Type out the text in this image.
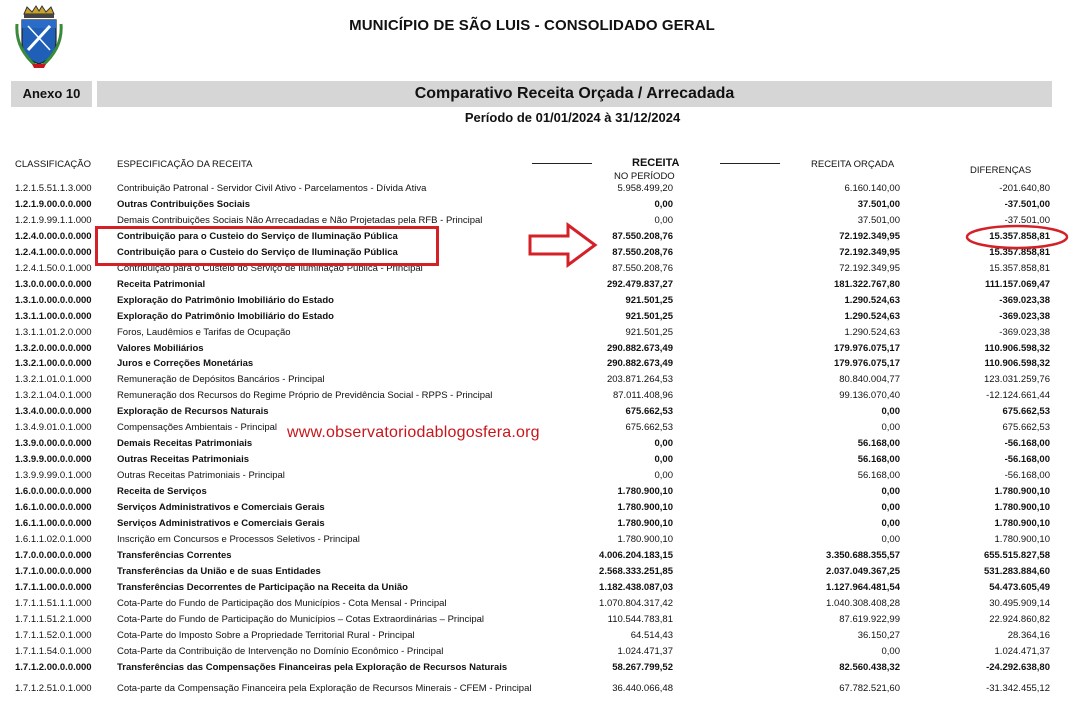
MUNICÍPIO DE SÃO LUIS - CONSOLIDADO GERAL
Anexo 10	Comparativo Receita Orçada / Arrecadada
Período de 01/01/2024 à 31/12/2024
CLASSIFICAÇÃO	ESPECIFICAÇÃO DA RECEITA	RECEITA
NO PERÍODO
RECEITA ORÇADA
DIFERENÇAS
1.2.1.5.51.1.3.000	Contribuição Patronal - Servidor Civil Ativo - Parcelamentos - Dívida Ativa	5.958.499,20	6.160.140,00	-201.640,80
1.2.1.9.00.0.0.000	Outras Contribuições Sociais	0,00	37.501,00	-37.501,00
1.2.1.9.99.1.1.000	Demais Contribuições Sociais Não Arrecadadas e Não Projetadas pela RFB - Principal	0,00	37.501,00	-37.501,00
1.2.4.0.00.0.0.000	Contribuição para o Custeio do Serviço de Iluminação Pública	87.550.208,76	72.192.349,95	15.357.858,81
1.2.4.1.00.0.0.000	Contribuição para o Custeio do Serviço de Iluminação Pública	87.550.208,76	72.192.349,95	15.357.858,81
1.2.4.1.50.0.1.000	Contribuição para o Custeio do Serviço de Iluminação Pública - Principal	87.550.208,76	72.192.349,95	15.357.858,81
1.3.0.0.00.0.0.000	Receita Patrimonial	292.479.837,27	181.322.767,80	111.157.069,47
1.3.1.0.00.0.0.000	Exploração do Patrimônio Imobiliário do Estado	921.501,25	1.290.524,63	-369.023,38
1.3.1.1.00.0.0.000	Exploração do Patrimônio Imobiliário do Estado	921.501,25	1.290.524,63	-369.023,38
1.3.1.1.01.2.0.000	Foros, Laudêmios e Tarifas de Ocupação	921.501,25	1.290.524,63	-369.023,38
1.3.2.0.00.0.0.000	Valores Mobiliários	290.882.673,49	179.976.075,17	110.906.598,32
1.3.2.1.00.0.0.000	Juros e Correções Monetárias	290.882.673,49	179.976.075,17	110.906.598,32
1.3.2.1.01.0.1.000	Remuneração de Depósitos Bancários - Principal	203.871.264,53	80.840.004,77	123.031.259,76
1.3.2.1.04.0.1.000	Remuneração dos Recursos do Regime Próprio de Previdência Social - RPPS - Principal	87.011.408,96	99.136.070,40	-12.124.661,44
1.3.4.0.00.0.0.000	Exploração de Recursos Naturais	675.662,53	0,00	675.662,53
1.3.4.9.01.0.1.000	Compensações Ambientais - Principal	675.662,53	0,00	675.662,53
1.3.9.0.00.0.0.000	Demais Receitas Patrimoniais	0,00	56.168,00	-56.168,00
1.3.9.9.00.0.0.000	Outras Receitas Patrimoniais	0,00	56.168,00	-56.168,00
1.3.9.9.99.0.1.000	Outras Receitas Patrimoniais - Principal	0,00	56.168,00	-56.168,00
1.6.0.0.00.0.0.000	Receita de Serviços	1.780.900,10	0,00	1.780.900,10
1.6.1.0.00.0.0.000	Serviços Administrativos e Comerciais Gerais	1.780.900,10	0,00	1.780.900,10
1.6.1.1.00.0.0.000	Serviços Administrativos e Comerciais Gerais	1.780.900,10	0,00	1.780.900,10
1.6.1.1.02.0.1.000	Inscrição em Concursos e Processos Seletivos - Principal	1.780.900,10	0,00	1.780.900,10
1.7.0.0.00.0.0.000	Transferências Correntes	4.006.204.183,15	3.350.688.355,57	655.515.827,58
1.7.1.0.00.0.0.000	Transferências da União e de suas Entidades	2.568.333.251,85	2.037.049.367,25	531.283.884,60
1.7.1.1.00.0.0.000	Transferências Decorrentes de Participação na Receita da União	1.182.438.087,03	1.127.964.481,54	54.473.605,49
1.7.1.1.51.1.1.000	Cota-Parte do Fundo de Participação dos Municípios - Cota Mensal - Principal	1.070.804.317,42	1.040.308.408,28	30.495.909,14
1.7.1.1.51.2.1.000	Cota-Parte do Fundo de Participação do Municípios – Cotas Extraordinárias – Principal	110.544.783,81	87.619.922,99	22.924.860,82
1.7.1.1.52.0.1.000	Cota-Parte do Imposto Sobre a Propriedade Territorial Rural - Principal	64.514,43	36.150,27	28.364,16
1.7.1.1.54.0.1.000	Cota-Parte da Contribuição de Intervenção no Domínio Econômico - Principal	1.024.471,37	0,00	1.024.471,37
1.7.1.2.00.0.0.000	Transferências das Compensações Financeiras pela Exploração de Recursos Naturais	58.267.799,52	82.560.438,32	-24.292.638,80
1.7.1.2.51.0.1.000	Cota-parte da Compensação Financeira pela Exploração de Recursos Minerais - CFEM - Principal	36.440.066,48	67.782.521,60	-31.342.455,12
www.observatoriodablogosfera.org
